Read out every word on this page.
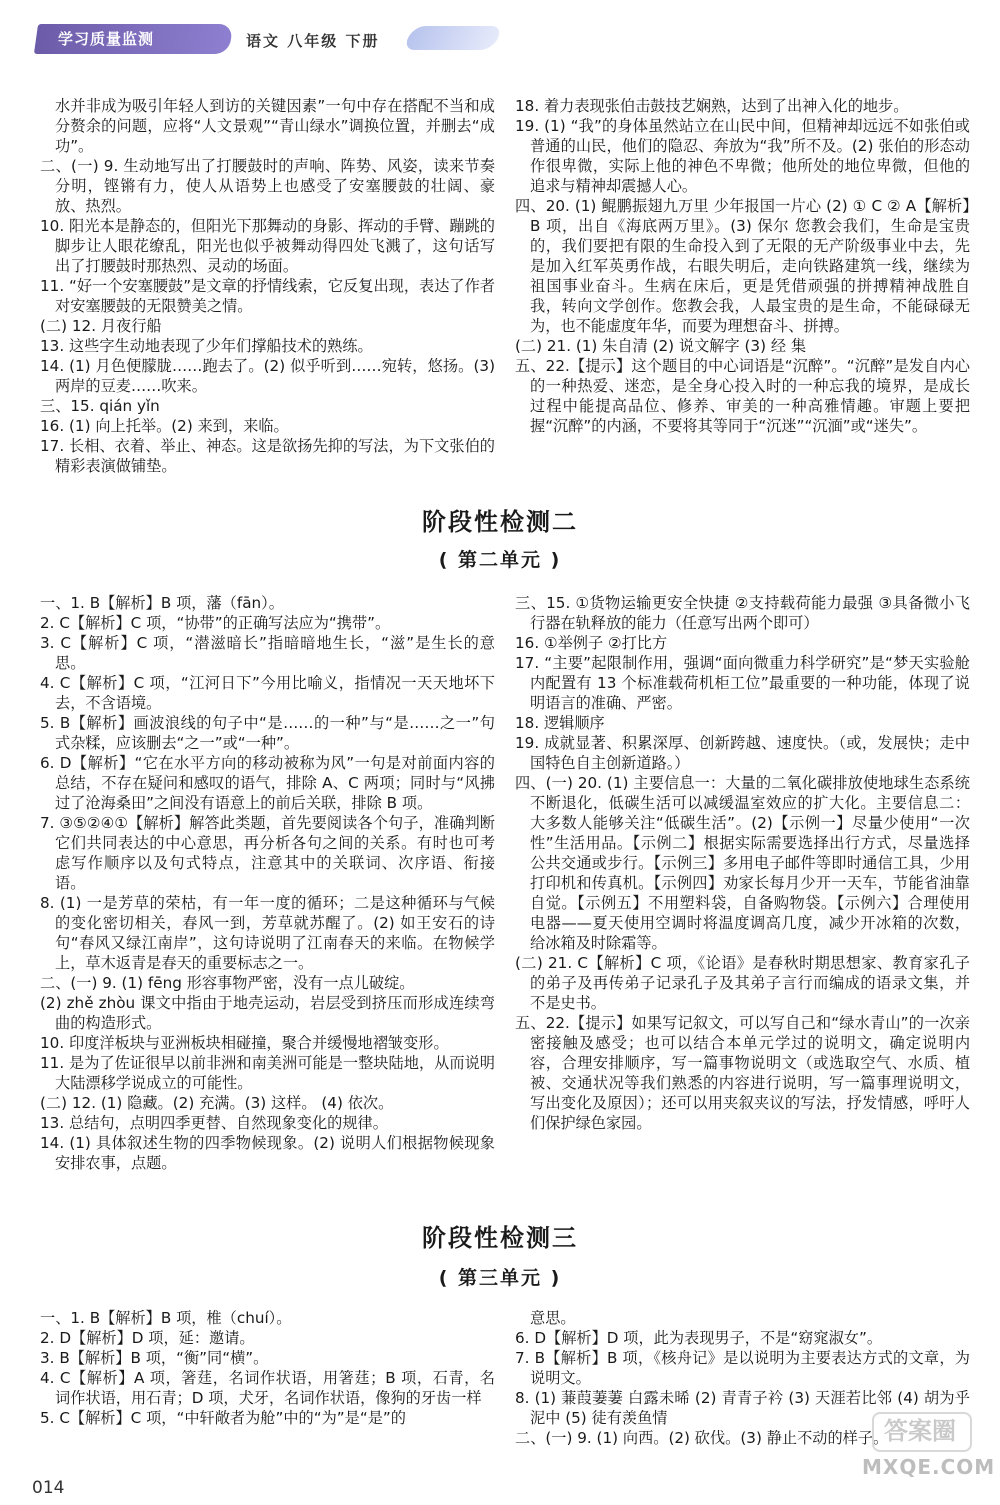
学习质量监测	语文 八年级 下册

水并非成为吸引年轻人到访的关键因素”一句中存在搭配不当和成分赘余的问题，应将“人文景观”“青山绿水”调换位置，并删去“成功”。

二、(一) 9. 生动地写出了打腰鼓时的声响、阵势、风姿，读来节奏分明，铿锵有力，使人从语势上也感受了安塞腰鼓的壮阔、豪放、热烈。

10. 阳光本是静态的，但阳光下那舞动的身影、挥动的手臂、蹦跳的脚步让人眼花缭乱，阳光也似乎被舞动得四处飞溅了，这句话写出了打腰鼓时那热烈、灵动的场面。

11. “好一个安塞腰鼓”是文章的抒情线索，它反复出现，表达了作者对安塞腰鼓的无限赞美之情。

(二) 12. 月夜行船

13. 这些字生动地表现了少年们撑船技术的熟练。

14. (1) 月色便朦胧……跑去了。(2) 似乎听到……宛转，悠扬。(3) 两岸的豆麦……吹来。

三、15. qián yǐn

16. (1) 向上托举。(2) 来到，来临。

17. 长相、衣着、举止、神态。这是欲扬先抑的写法，为下文张伯的精彩表演做铺垫。

18. 着力表现张伯击鼓技艺娴熟，达到了出神入化的地步。

19. (1) “我”的身体虽然站立在山民中间，但精神却远远不如张伯或普通的山民，他们的隐忍、奔放为“我”所不及。(2) 张伯的形态动作很卑微，实际上他的神色不卑微；他所处的地位卑微，但他的追求与精神却震撼人心。

四、20. (1) 鲲鹏振翅九万里 少年报国一片心 (2) ① C ② A【解析】B 项，出自《海底两万里》。(3) 保尔 您教会我们，生命是宝贵的，我们要把有限的生命投入到了无限的无产阶级事业中去，先是加入红军英勇作战，右眼失明后，走向铁路建筑一线，继续为祖国事业奋斗。生病在床后，更是凭借顽强的拼搏精神战胜自我，转向文学创作。您教会我，人最宝贵的是生命，不能碌碌无为，也不能虚度年华，而要为理想奋斗、拼搏。

(二) 21. (1) 朱自清 (2) 说文解字 (3) 经 集

五、22.【提示】这个题目的中心词语是“沉醉”。“沉醉”是发自内心的一种热爱、迷恋，是全身心投入时的一种忘我的境界，是成长过程中能提高品位、修养、审美的一种高雅情趣。审题上要把握“沉醉”的内涵，不要将其等同于“沉迷”“沉湎”或“迷失”。

阶段性检测二
( 第二单元 )

一、1. B【解析】B 项，藩（fān）。

2. C【解析】C 项，“协带”的正确写法应为“携带”。

3. C【解析】C 项，“潜滋暗长”指暗暗地生长，“滋”是生长的意思。

4. C【解析】C 项，“江河日下”今用比喻义，指情况一天天地坏下去，不含语境。

5. B【解析】画波浪线的句子中“是……的一种”与“是……之一”句式杂糅，应该删去“之一”或“一种”。

6. D【解析】“它在水平方向的移动被称为风”一句是对前面内容的总结，不存在疑问和感叹的语气，排除 A、C 两项；同时与“风拂过了沧海桑田”之间没有语意上的前后关联，排除 B 项。

7. ③⑤②④①【解析】解答此类题，首先要阅读各个句子，准确判断它们共同表达的中心意思，再分析各句之间的关系。有时也可考虑写作顺序以及句式特点，注意其中的关联词、次序语、衔接语。

8. (1) 一是芳草的荣枯，有一年一度的循环；二是这种循环与气候的变化密切相关，春风一到，芳草就苏醒了。(2) 如王安石的诗句“春风又绿江南岸”，这句诗说明了江南春天的来临。在物候学上，草木返青是春天的重要标志之一。

二、(一) 9. (1) fēng 形容事物严密，没有一点儿破绽。

(2) zhě zhòu 课文中指由于地壳运动，岩层受到挤压而形成连续弯曲的构造形式。

10. 印度洋板块与亚洲板块相碰撞，聚合并缓慢地褶皱变形。

11. 是为了佐证很早以前非洲和南美洲可能是一整块陆地，从而说明大陆漂移学说成立的可能性。

(二) 12. (1) 隐藏。(2) 充满。(3) 这样。 (4) 依次。

13. 总结句，点明四季更替、自然现象变化的规律。

14. (1) 具体叙述生物的四季物候现象。(2) 说明人们根据物候现象安排农事，点题。

三、15. ①货物运输更安全快捷 ②支持载荷能力最强 ③具备微小飞行器在轨释放的能力（任意写出两个即可）

16. ①举例子 ②打比方

17. “主要”起限制作用，强调“面向微重力科学研究”是“梦天实验舱内配置有 13 个标准载荷机柜工位”最重要的一种功能，体现了说明语言的准确、严密。

18. 逻辑顺序

19. 成就显著、积累深厚、创新跨越、速度快。（或，发展快；走中国特色自主创新道路。）

四、(一) 20. (1) 主要信息一：大量的二氧化碳排放使地球生态系统不断退化，低碳生活可以减缓温室效应的扩大化。主要信息二：大多数人能够关注“低碳生活”。(2)【示例一】尽量少使用“一次性”生活用品。【示例二】根据实际需要选择出行方式，尽量选择公共交通或步行。【示例三】多用电子邮件等即时通信工具，少用打印机和传真机。【示例四】劝家长每月少开一天车，节能省油靠自觉。【示例五】不用塑料袋，自备购物袋。【示例六】合理使用电器——夏天使用空调时将温度调高几度，减少开冰箱的次数，给冰箱及时除霜等。

(二) 21. C【解析】C 项，《论语》是春秋时期思想家、教育家孔子的弟子及再传弟子记录孔子及其弟子言行而编成的语录文集，并不是史书。

五、22.【提示】如果写记叙文，可以写自己和“绿水青山”的一次亲密接触及感受；也可以结合本单元学过的说明文，确定说明内容，合理安排顺序，写一篇事物说明文（或选取空气、水质、植被、交通状况等我们熟悉的内容进行说明，写一篇事理说明文，写出变化及原因）；还可以用夹叙夹议的写法，抒发情感，呼吁人们保护绿色家园。

阶段性检测三
( 第三单元 )

一、1. B【解析】B 项，椎（chuí）。

2. D【解析】D 项，延：邀请。

3. B【解析】B 项，“衡”同“横”。

4. C【解析】A 项，箸莛，名词作状语，用箸莛；B 项，石青，名词作状语，用石青；D 项，犬牙，名词作状语，像狗的牙齿一样

5. C【解析】C 项，“中轩敞者为舱”中的“为”是“是”的

意思。

6. D【解析】D 项，此为表现男子，不是“窈窕淑女”。

7. B【解析】B 项，《核舟记》是以说明为主要表达方式的文章，为说明文。

8. (1) 蒹葭萋萋 白露未晞 (2) 青青子衿 (3) 天涯若比邻 (4) 胡为乎泥中 (5) 徒有羡鱼情

二、(一) 9. (1) 向西。(2) 砍伐。(3) 静止不动的样子。

014
答案圈
MXQE.COM
